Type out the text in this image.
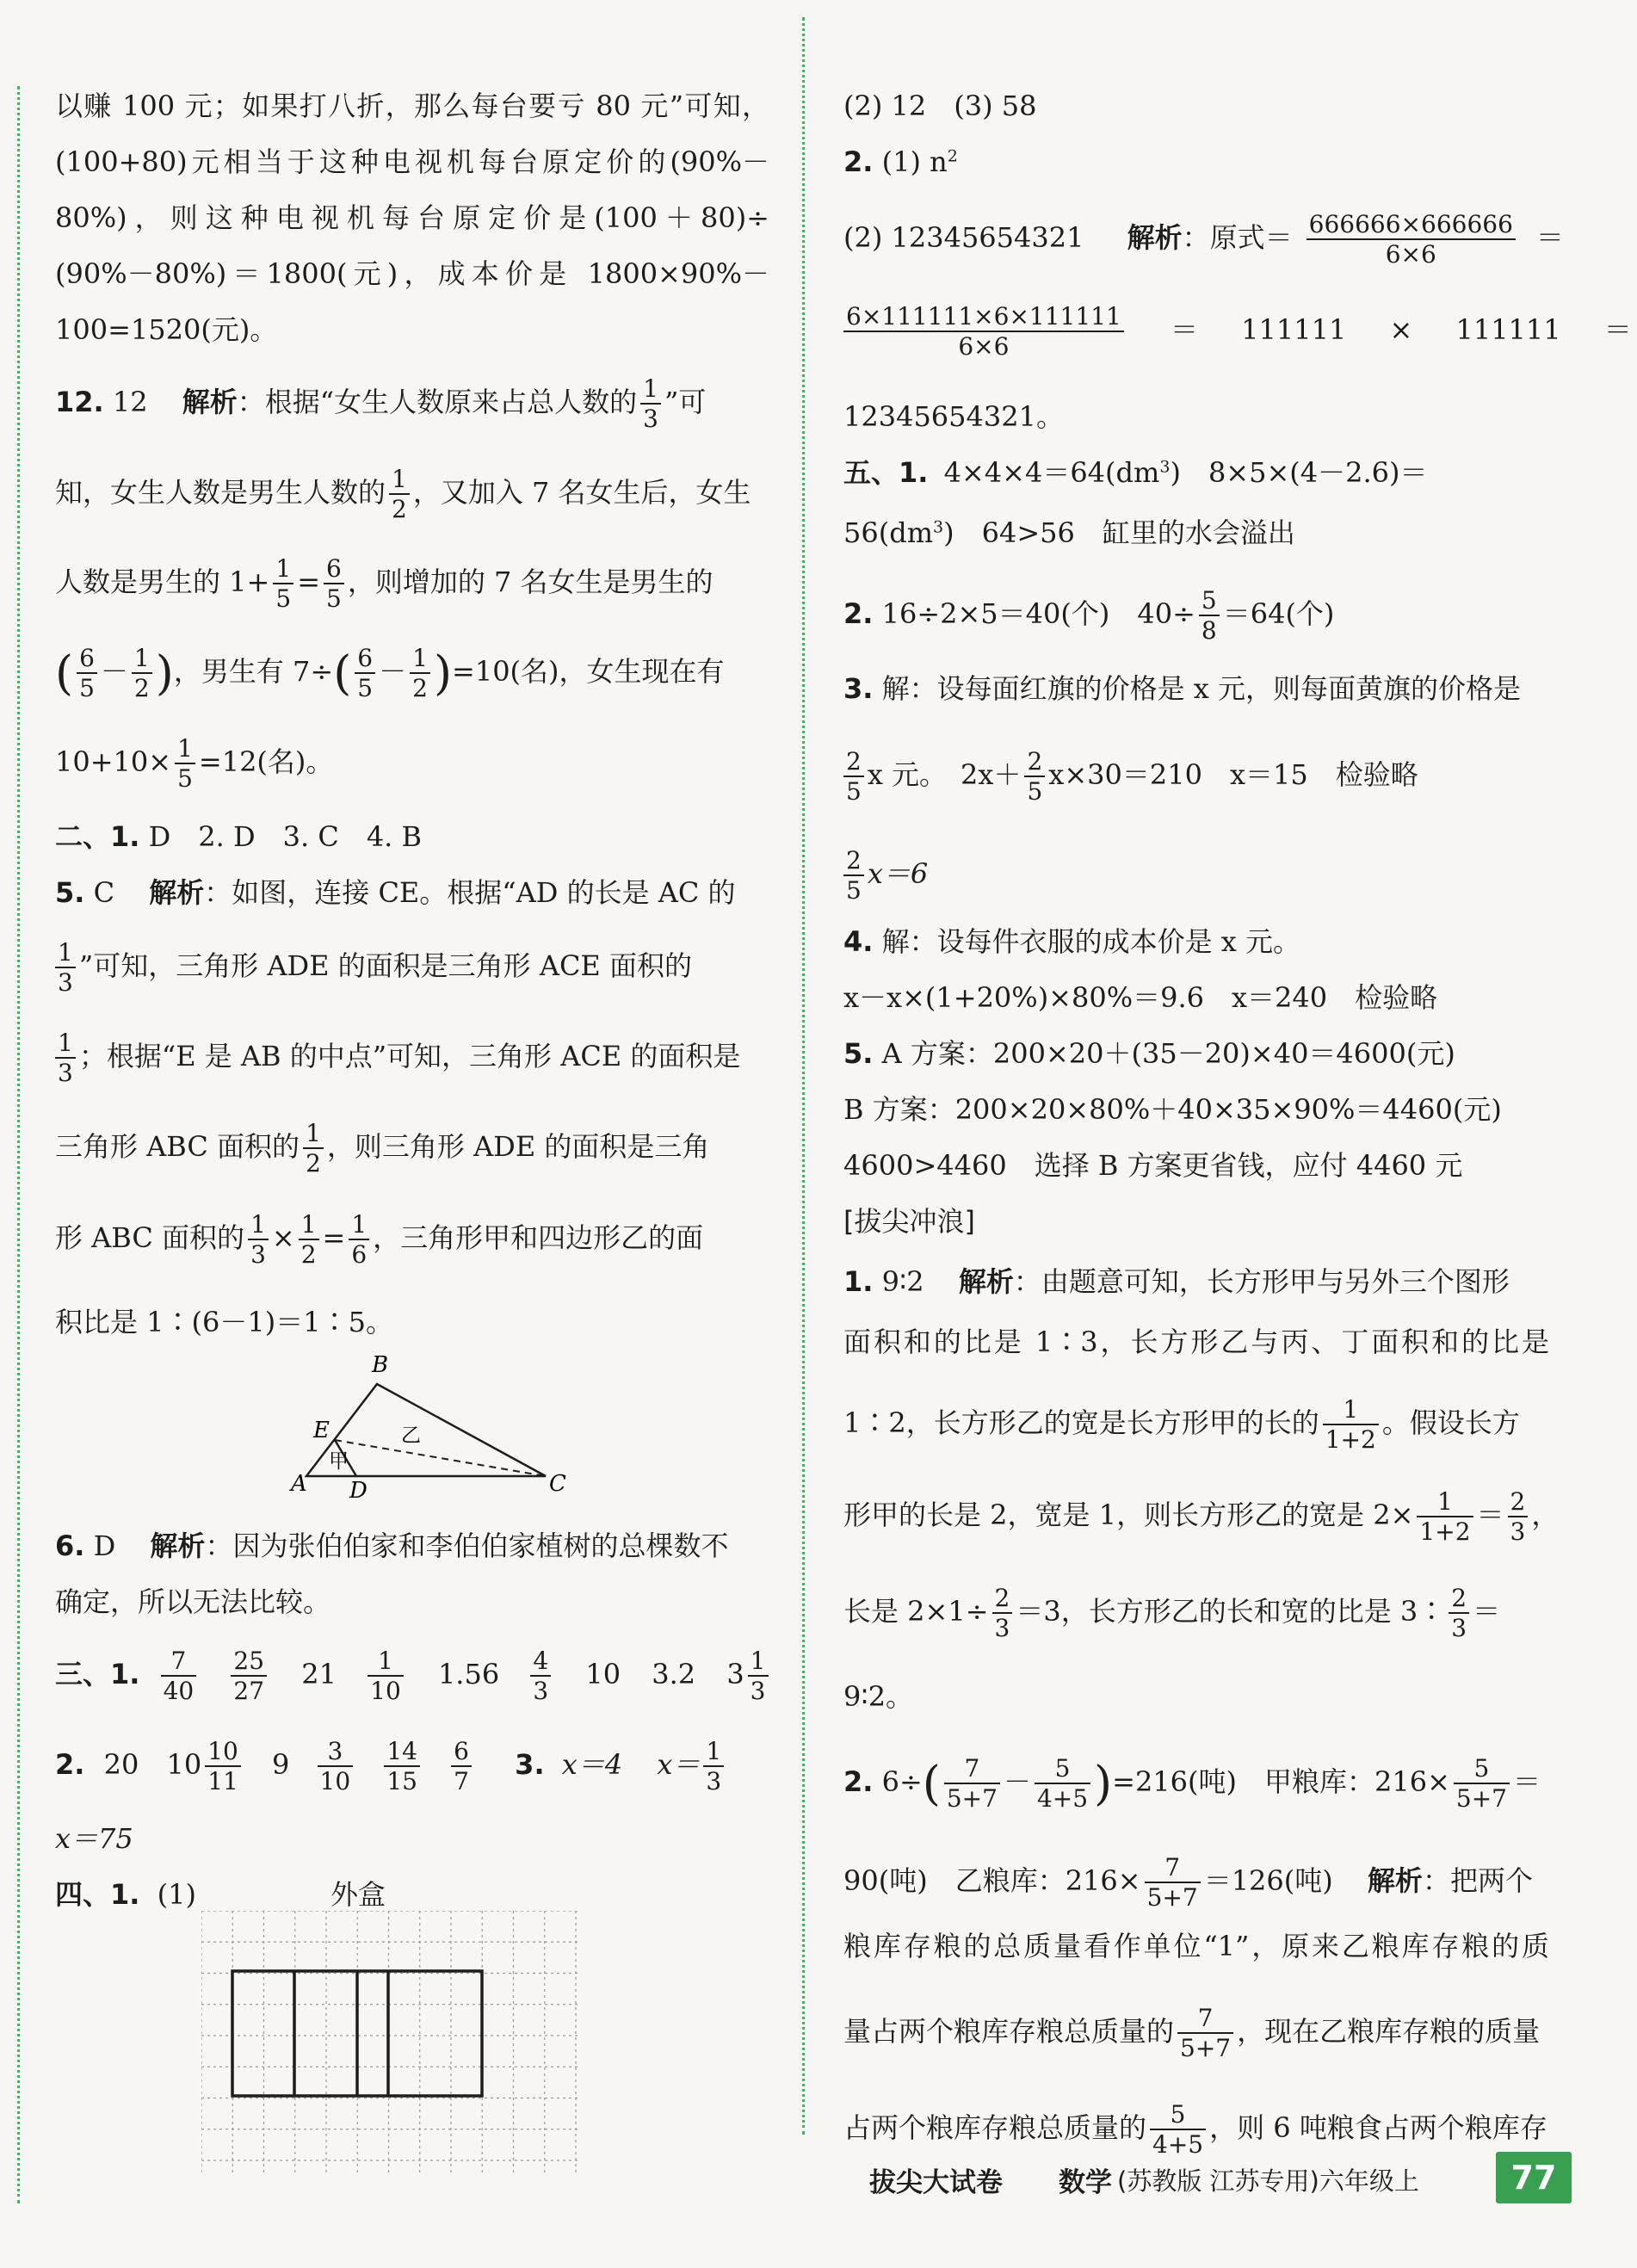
以赚 100 元；如果打八折，那么每台要亏 80 元”可知，
(100+80)元相当于这种电视机每台原定价的(90%－
80%)，则这种电视机每台原定价是(100＋80)÷
(90%－80%)＝1800(元)，成本价是 1800×90%－
100=1520(元)。
12. 12 解析：根据“女生人数原来占总人数的 $\frac{1}{3}$ ”可
知，女生人数是男生人数的 $\frac{1}{2}$ ，又加入 7 名女生后，女生
人数是男生的 $1+ \frac{1}{5} = \frac{6}{5}$ ，则增加的 7 名女生是男生的
( $\frac{6}{5} - \frac{1}{2}$ )，男生有 $7\div( \frac{6}{5} - \frac{1}{2} )=10$(名)，女生现在有
$10+10\times \frac{1}{5} =12$(名)。
二、1. D　2. D　3. C　4. B
5. C 解析：如图，连接 CE。根据“AD 的长是 AC 的
$\frac{1}{3}$ ”可知，三角形 ADE 的面积是三角形 ACE 面积的
$\frac{1}{3}$ ；根据“E 是 AB 的中点”可知，三角形 ACE 的面积是
三角形 ABC 面积的 $\frac{1}{2}$ ，则三角形 ADE 的面积是三角
形 ABC 面积的 $\frac{1}{3} \times \frac{1}{2} = \frac{1}{6}$ ，三角形甲和四边形乙的面
积比是 1∶(6－1)＝1∶5。
A
B
C
D
E
甲
乙
6. D 解析：因为张伯伯家和李伯伯家植树的总棵数不
确定，所以无法比较。
三、1. $\frac{7}{40}$
$\frac{25}{27} 21 \frac{1}{10} 1.56 \frac{4}{3} 10$ 3.2 $3 \frac{1}{3}$
2. 20 $10 \frac{10}{11} 9 \frac{3}{10}$
$\frac{14}{15}$
$\frac{6}{7} 3$. x＝4 $x= \frac{1}{3}$
x＝75
四、1. (1)	外盒
(2) 12　(3) 58
2. (1) $n^2$
(2) 12345654321 解析：原式＝ $\frac{666666\times 666666}{6\times 6}$ ＝
$\frac{6\times 111111\times 6\times 111111}{6\times 6} = 111111 \times 111111$ ＝
12345654321。
五、1. $4\times 4\times 4=64(dm^3)$　8×5×(4－2.6)＝
$56(dm^3)$　64>56　缸里的水会溢出
2. 16÷2×5＝40(个)　$40\div \frac{5}{8} =64$(个)
3. 解：设每面红旗的价格是 x 元，则每面黄旗的价格是
$\frac{2}{5}$ x 元。　$2x+ \frac{2}{5} x\times 30=210$　x＝15　检验略
$\frac{2}{5} x=6$
4. 解：设每件衣服的成本价是 x 元。
x－x×(1+20%)×80%＝9.6　x＝240　检验略
5. A 方案：200×20＋(35－20)×40＝4600(元)
B 方案：200×20×80%＋40×35×90%＝4460(元)
4600>4460　选择 B 方案更省钱，应付 4460 元
[拔尖冲浪]
1. 9∶2 解析：由题意可知，长方形甲与另外三个图形
面积和的比是 1∶3，长方形乙与丙、丁面积和的比是
1∶2，长方形乙的宽是长方形甲的长的 $\frac{1}{1+2}$ 。假设长方
形甲的长是 2，宽是 1，则长方形乙的宽是 $2\times \frac{1}{1+2} = \frac{2}{3}$ ，
长是 $2\times 1\div \frac{2}{3} =3$，长方形乙的长和宽的比是 3∶ $\frac{2}{3}$ ＝
9∶2。
2. $6\div( \frac{7}{5+7} - \frac{5}{4+5} )=216$(吨)　甲粮库：$216\times \frac{5}{5+7}$ ＝
90(吨)　乙粮库：$216\times \frac{7}{5+7} =126$(吨) 解析：把两个
粮库存粮的总质量看作单位“1”，原来乙粮库存粮的质
量占两个粮库存粮总质量的 $\frac{7}{5+7}$ ，现在乙粮库存粮的质量
占两个粮库存粮总质量的 $\frac{5}{4+5}$ ，则 6 吨粮食占两个粮库存
拔尖大试卷 数学 (苏教版 江苏专用)六年级上	77
